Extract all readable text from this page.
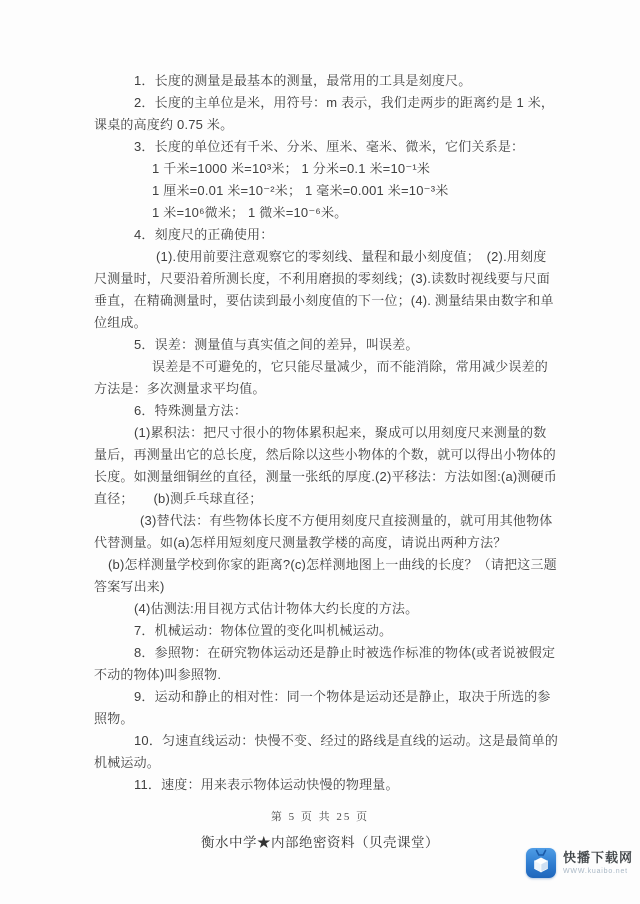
1．长度的测量是最基本的测量，最常用的工具是刻度尺。
2．长度的主单位是米，用符号：m 表示，我们走两步的距离约是 1 米，
课桌的高度约 0.75 米。
3．长度的单位还有千米、分米、厘米、毫米、微米，它们关系是：
1 千米=1000 米=10³米； 1 分米=0.1 米=10⁻¹米
1 厘米=0.01 米=10⁻²米； 1 毫米=0.001 米=10⁻³米
1 米=10⁶微米； 1 微米=10⁻⁶米。
4．刻度尺的正确使用：
(1).使用前要注意观察它的零刻线、量程和最小刻度值；　(2).用刻度
尺测量时，尺要沿着所测长度，不利用磨损的零刻线；(3).读数时视线要与尺面
垂直，在精确测量时，要估读到最小刻度值的下一位；(4). 测量结果由数字和单
位组成。
5．误差：测量值与真实值之间的差异，叫误差。
误差是不可避免的，它只能尽量减少，而不能消除，常用减少误差的
方法是：多次测量求平均值。
6．特殊测量方法：
(1)累积法：把尺寸很小的物体累积起来，聚成可以用刻度尺来测量的数
量后，再测量出它的总长度，然后除以这些小物体的个数，就可以得出小物体的
长度。如测量细铜丝的直径，测量一张纸的厚度.(2)平移法：方法如图:(a)测硬币
直径；　　(b)测乒乓球直径；
(3)替代法：有些物体长度不方便用刻度尺直接测量的，就可用其他物体
代替测量。如(a)怎样用短刻度尺测量教学楼的高度，请说出两种方法？
(b)怎样测量学校到你家的距离?(c)怎样测地图上一曲线的长度？（请把这三题
答案写出来)
(4)估测法:用目视方式估计物体大约长度的方法。
7．机械运动：物体位置的变化叫机械运动。
8．参照物：在研究物体运动还是静止时被选作标准的物体(或者说被假定
不动的物体)叫参照物.
9．运动和静止的相对性：同一个物体是运动还是静止，取决于所选的参
照物。
10．匀速直线运动：快慢不变、经过的路线是直线的运动。这是最简单的
机械运动。
11．速度：用来表示物体运动快慢的物理量。
第 5 页 共 25 页
衡水中学★内部绝密资料（贝壳课堂）
快播下载网
WWW.kuaibo.net
